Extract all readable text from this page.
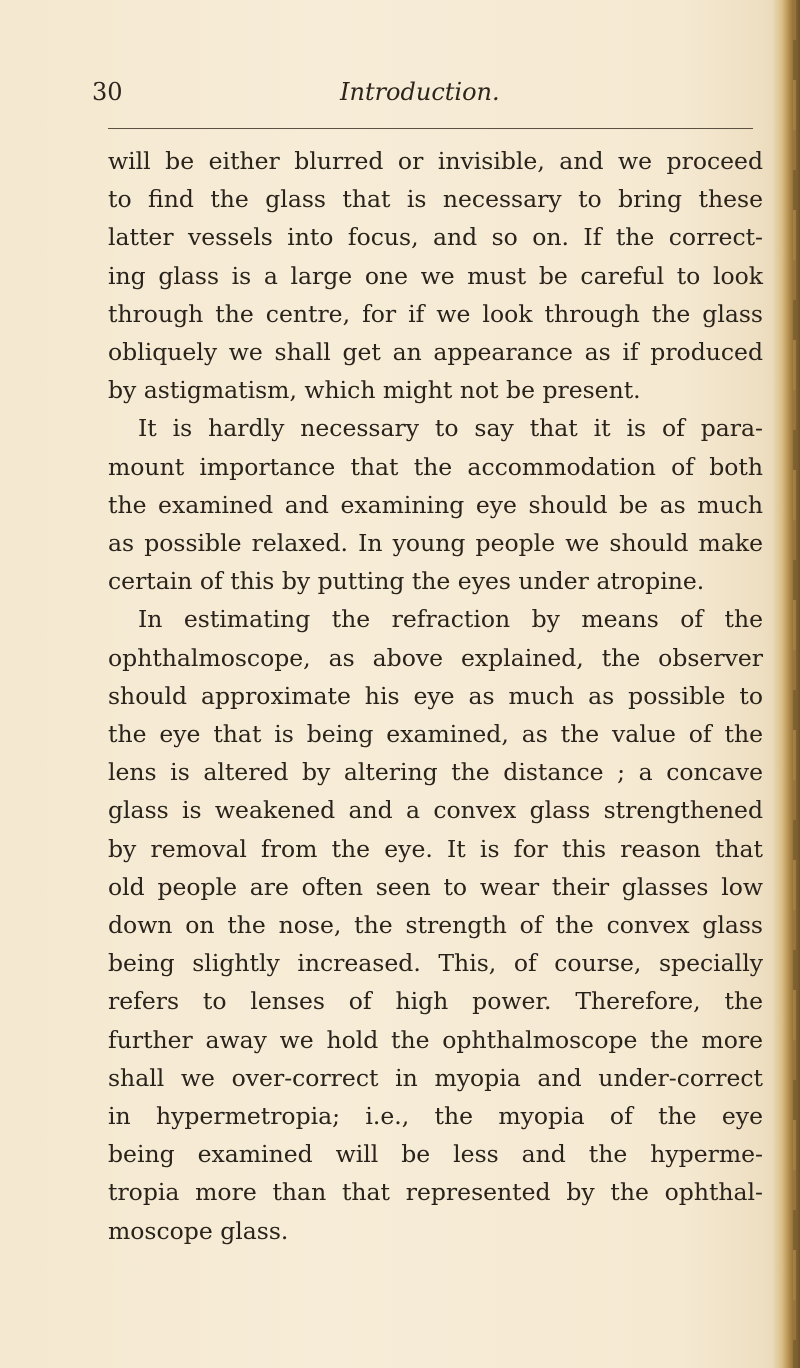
30	Introduction.

will be either blurred or invisible, and we proceed

to find the glass that is necessary to bring these

latter vessels into focus, and so on. If the correct-

ing glass is a large one we must be careful to look

through the centre, for if we look through the glass

obliquely we shall get an appearance as if produced

by astigmatism, which might not be present.

It is hardly necessary to say that it is of para-

mount importance that the accommodation of both

the examined and examining eye should be as much

as possible relaxed. In young people we should make

certain of this by putting the eyes under atropine.

In estimating the refraction by means of the

ophthalmoscope, as above explained, the observer

should approximate his eye as much as possible to

the eye that is being examined, as the value of the

lens is altered by altering the distance ; a concave

glass is weakened and a convex glass strengthened

by removal from the eye. It is for this reason that

old people are often seen to wear their glasses low

down on the nose, the strength of the convex glass

being slightly increased. This, of course, specially

refers to lenses of high power. Therefore, the

further away we hold the ophthalmoscope the more

shall we over-correct in myopia and under-correct

in hypermetropia; i.e., the myopia of the eye

being examined will be less and the hyperme-

tropia more than that represented by the ophthal-

moscope glass.
